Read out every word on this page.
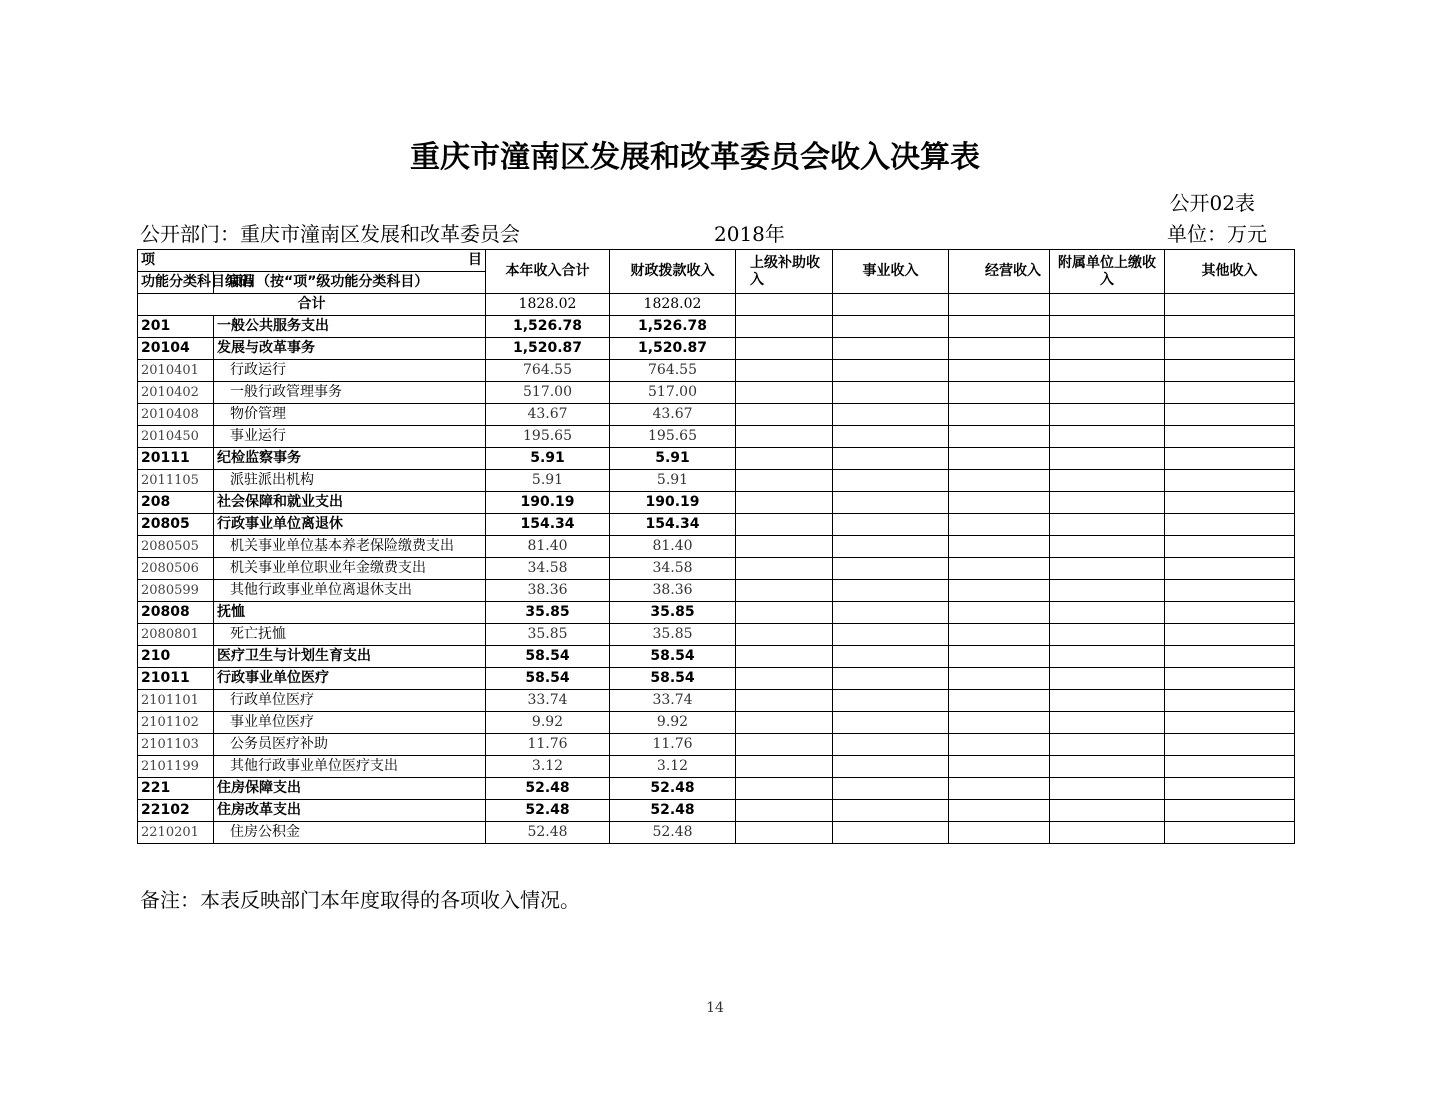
重庆市潼南区发展和改革委员会收入决算表
公开02表
公开部门：重庆市潼南区发展和改革委员会	2018年	单位：万元
项 目		本年收入合计	财政拨款收入	上级补助收入	事业收入	经营收入	附属单位上缴收入	其他收入
功能分类科目编码	项目（按“项”级功能分类科目）							
合计		1828.02	1828.02					
201	一般公共服务支出	1,526.78	1,526.78					
20104	发展与改革事务	1,520.87	1,520.87					
2010401	行政运行	764.55	764.55					
2010402	一般行政管理事务	517.00	517.00					
2010408	物价管理	43.67	43.67					
2010450	事业运行	195.65	195.65					
20111	纪检监察事务	5.91	5.91					
2011105	派驻派出机构	5.91	5.91					
208	社会保障和就业支出	190.19	190.19					
20805	行政事业单位离退休	154.34	154.34					
2080505	机关事业单位基本养老保险缴费支出	81.40	81.40					
2080506	机关事业单位职业年金缴费支出	34.58	34.58					
2080599	其他行政事业单位离退休支出	38.36	38.36					
20808	抚恤	35.85	35.85					
2080801	死亡抚恤	35.85	35.85					
210	医疗卫生与计划生育支出	58.54	58.54					
21011	行政事业单位医疗	58.54	58.54					
2101101	行政单位医疗	33.74	33.74					
2101102	事业单位医疗	9.92	9.92					
2101103	公务员医疗补助	11.76	11.76					
2101199	其他行政事业单位医疗支出	3.12	3.12					
221	住房保障支出	52.48	52.48					
22102	住房改革支出	52.48	52.48					
2210201	住房公积金	52.48	52.48					
备注：本表反映部门本年度取得的各项收入情况。
14
